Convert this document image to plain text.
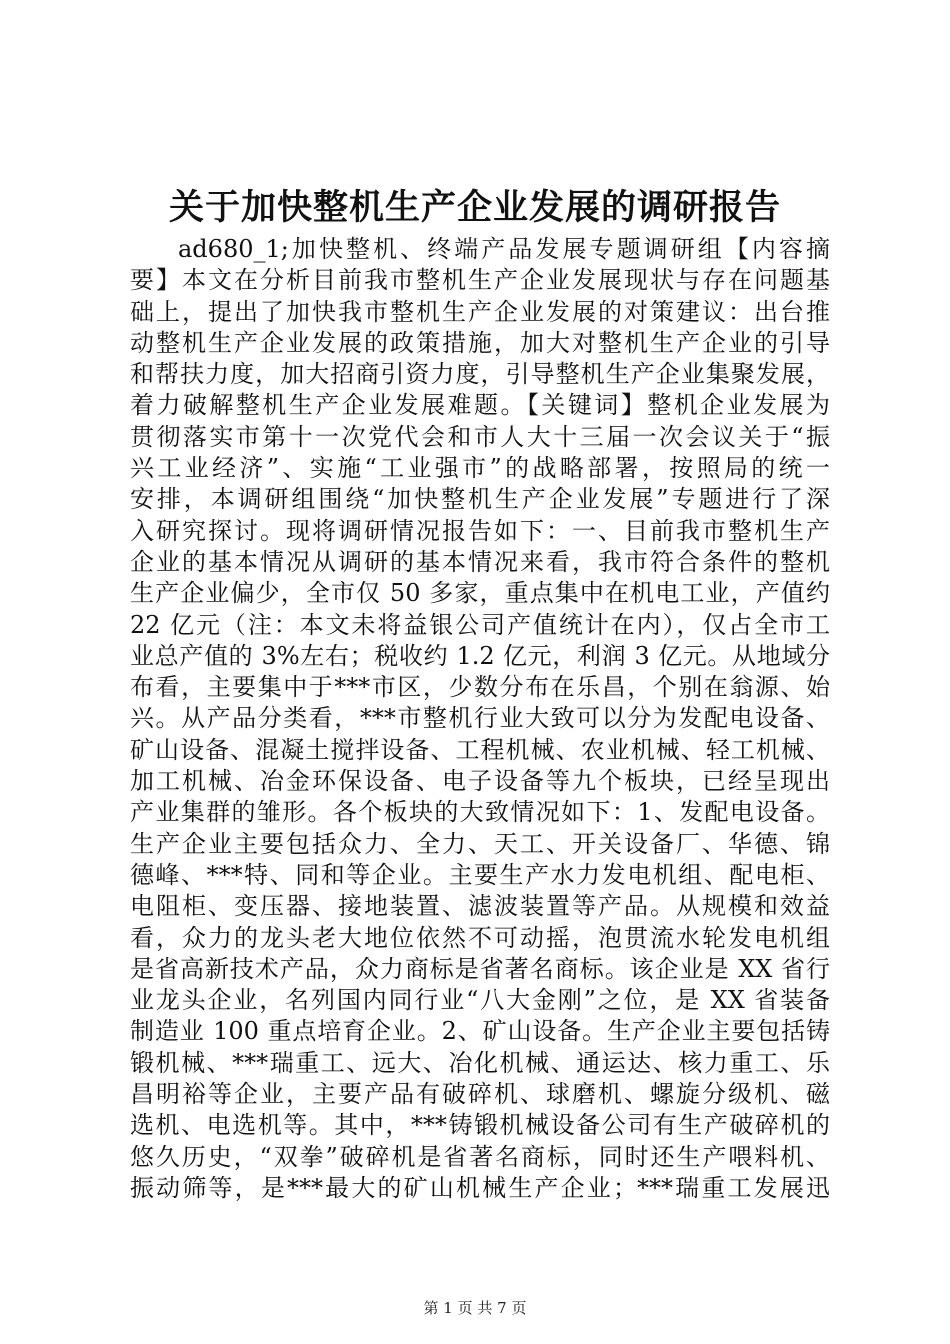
关于加快整机生产企业发展的调研报告
ad680_1;加快整机、终端产品发展专题调研组【内容摘
要】本文在分析目前我市整机生产企业发展现状与存在问题基
础上，提出了加快我市整机生产企业发展的对策建议：出台推
动整机生产企业发展的政策措施，加大对整机生产企业的引导
和帮扶力度，加大招商引资力度，引导整机生产企业集聚发展，
着力破解整机生产企业发展难题。【关键词】整机企业发展为
贯彻落实市第十一次党代会和市人大十三届一次会议关于“振
兴工业经济”、实施“工业强市”的战略部署，按照局的统一
安排，本调研组围绕“加快整机生产企业发展”专题进行了深
入研究探讨。现将调研情况报告如下：一、目前我市整机生产
企业的基本情况从调研的基本情况来看，我市符合条件的整机
生产企业偏少，全市仅 50 多家，重点集中在机电工业，产值约
22 亿元（注：本文未将益银公司产值统计在内），仅占全市工
业总产值的 3%左右；税收约 1.2 亿元，利润 3 亿元。从地域分
布看，主要集中于***市区，少数分布在乐昌，个别在翁源、始
兴。从产品分类看，***市整机行业大致可以分为发配电设备、
矿山设备、混凝土搅拌设备、工程机械、农业机械、轻工机械、
加工机械、冶金环保设备、电子设备等九个板块，已经呈现出
产业集群的雏形。各个板块的大致情况如下：1、发配电设备。
生产企业主要包括众力、全力、天工、开关设备厂、华德、锦
德峰、***特、同和等企业。主要生产水力发电机组、配电柜、
电阻柜、变压器、接地装置、滤波装置等产品。从规模和效益
看，众力的龙头老大地位依然不可动摇，泡贯流水轮发电机组
是省高新技术产品，众力商标是省著名商标。该企业是 XX 省行
业龙头企业，名列国内同行业“八大金刚”之位，是 XX 省装备
制造业 100 重点培育企业。2、矿山设备。生产企业主要包括铸
锻机械、***瑞重工、远大、冶化机械、通运达、核力重工、乐
昌明裕等企业，主要产品有破碎机、球磨机、螺旋分级机、磁
选机、电选机等。其中，***铸锻机械设备公司有生产破碎机的
悠久历史，“双拳”破碎机是省著名商标，同时还生产喂料机、
振动筛等，是***最大的矿山机械生产企业；***瑞重工发展迅
第 1 页 共 7 页
